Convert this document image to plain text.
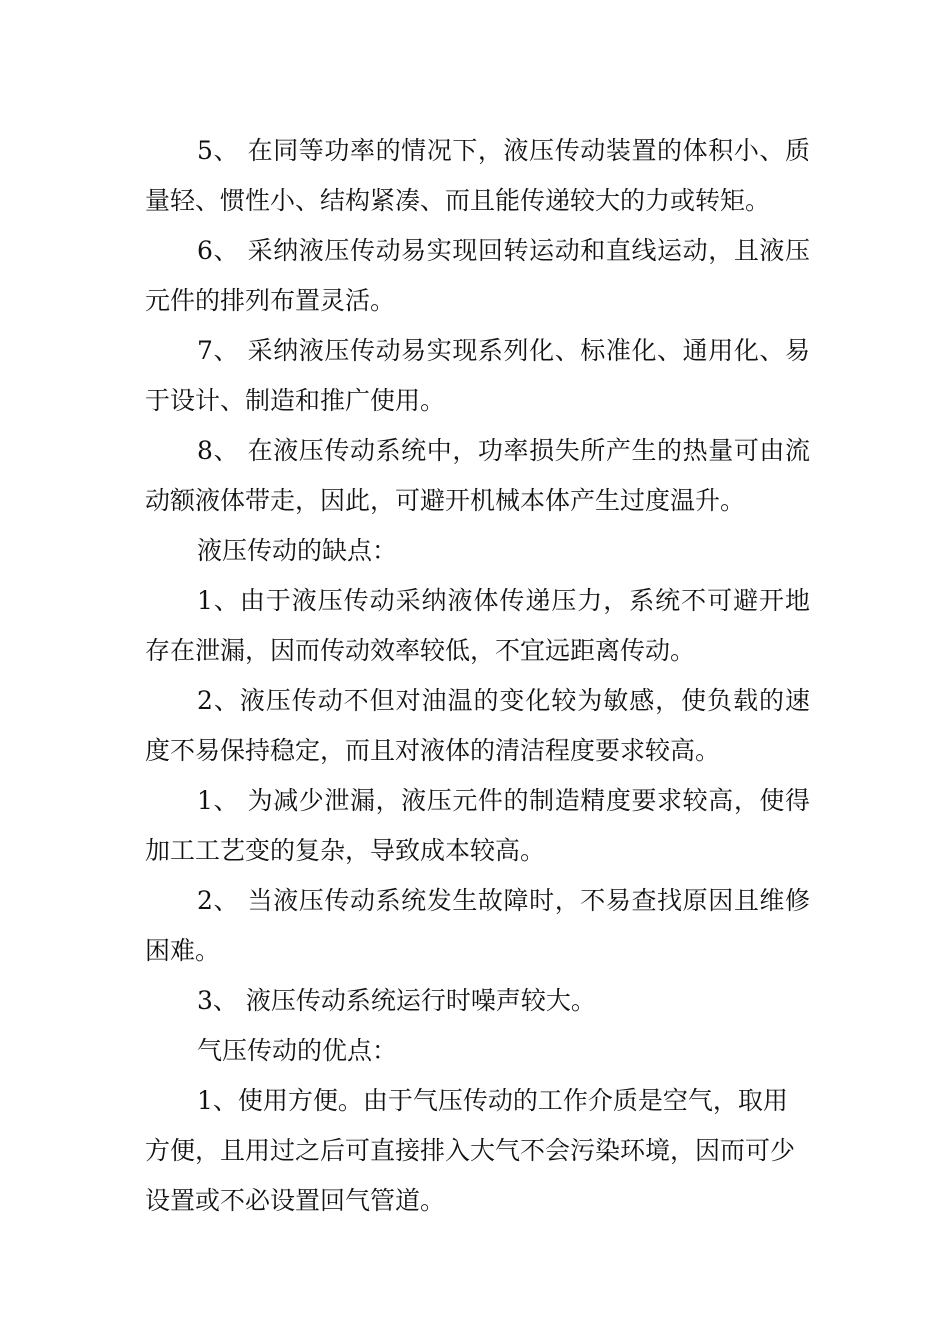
5、 在同等功率的情况下，液压传动装置的体积小、质量轻、惯性小、结构紧凑、而且能传递较大的力或转矩。

6、 采纳液压传动易实现回转运动和直线运动，且液压元件的排列布置灵活。

7、 采纳液压传动易实现系列化、标准化、通用化、易于设计、制造和推广使用。

8、 在液压传动系统中，功率损失所产生的热量可由流动额液体带走，因此，可避开机械本体产生过度温升。

液压传动的缺点：

1、由于液压传动采纳液体传递压力，系统不可避开地存在泄漏，因而传动效率较低，不宜远距离传动。

2、液压传动不但对油温的变化较为敏感，使负载的速度不易保持稳定，而且对液体的清洁程度要求较高。

1、 为减少泄漏，液压元件的制造精度要求较高，使得加工工艺变的复杂，导致成本较高。

2、 当液压传动系统发生故障时，不易查找原因且维修困难。

3、 液压传动系统运行时噪声较大。

气压传动的优点：

1、使用方便。由于气压传动的工作介质是空气，取用方便，且用过之后可直接排入大气不会污染环境，因而可少设置或不必设置回气管道。
